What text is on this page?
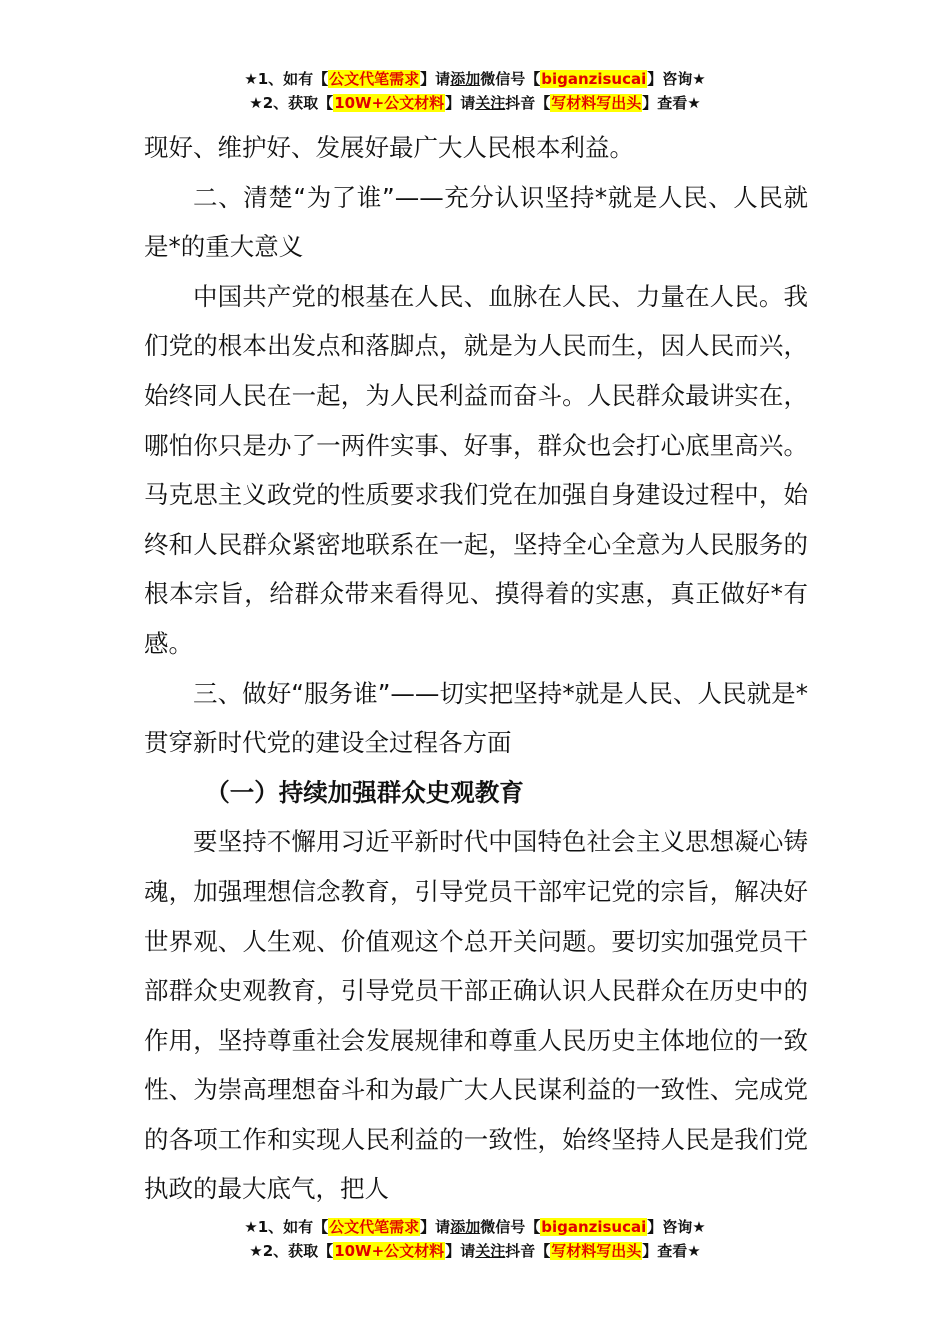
★1、如有【公文代笔需求】请添加微信号【biganzisucai】咨询★
★2、获取【10W+公文材料】请关注抖音【写材料写出头】查看★

现好、维护好、发展好最广大人民根本利益。

二、清楚“为了谁”——充分认识坚持*就是人民、人民就是*的重大意义

中国共产党的根基在人民、血脉在人民、力量在人民。我们党的根本出发点和落脚点，就是为人民而生，因人民而兴，始终同人民在一起，为人民利益而奋斗。人民群众最讲实在，哪怕你只是办了一两件实事、好事，群众也会打心底里高兴。马克思主义政党的性质要求我们党在加强自身建设过程中，始终和人民群众紧密地联系在一起，坚持全心全意为人民服务的根本宗旨，给群众带来看得见、摸得着的实惠，真正做好*有感。

三、做好“服务谁”——切实把坚持*就是人民、人民就是*贯穿新时代党的建设全过程各方面

（一）持续加强群众史观教育

要坚持不懈用习近平新时代中国特色社会主义思想凝心铸魂，加强理想信念教育，引导党员干部牢记党的宗旨，解决好世界观、人生观、价值观这个总开关问题。要切实加强党员干部群众史观教育，引导党员干部正确认识人民群众在历史中的作用，坚持尊重社会发展规律和尊重人民历史主体地位的一致性、为崇高理想奋斗和为最广大人民谋利益的一致性、完成党的各项工作和实现人民利益的一致性，始终坚持人民是我们党执政的最大底气，把人

★1、如有【公文代笔需求】请添加微信号【biganzisucai】咨询★
★2、获取【10W+公文材料】请关注抖音【写材料写出头】查看★
